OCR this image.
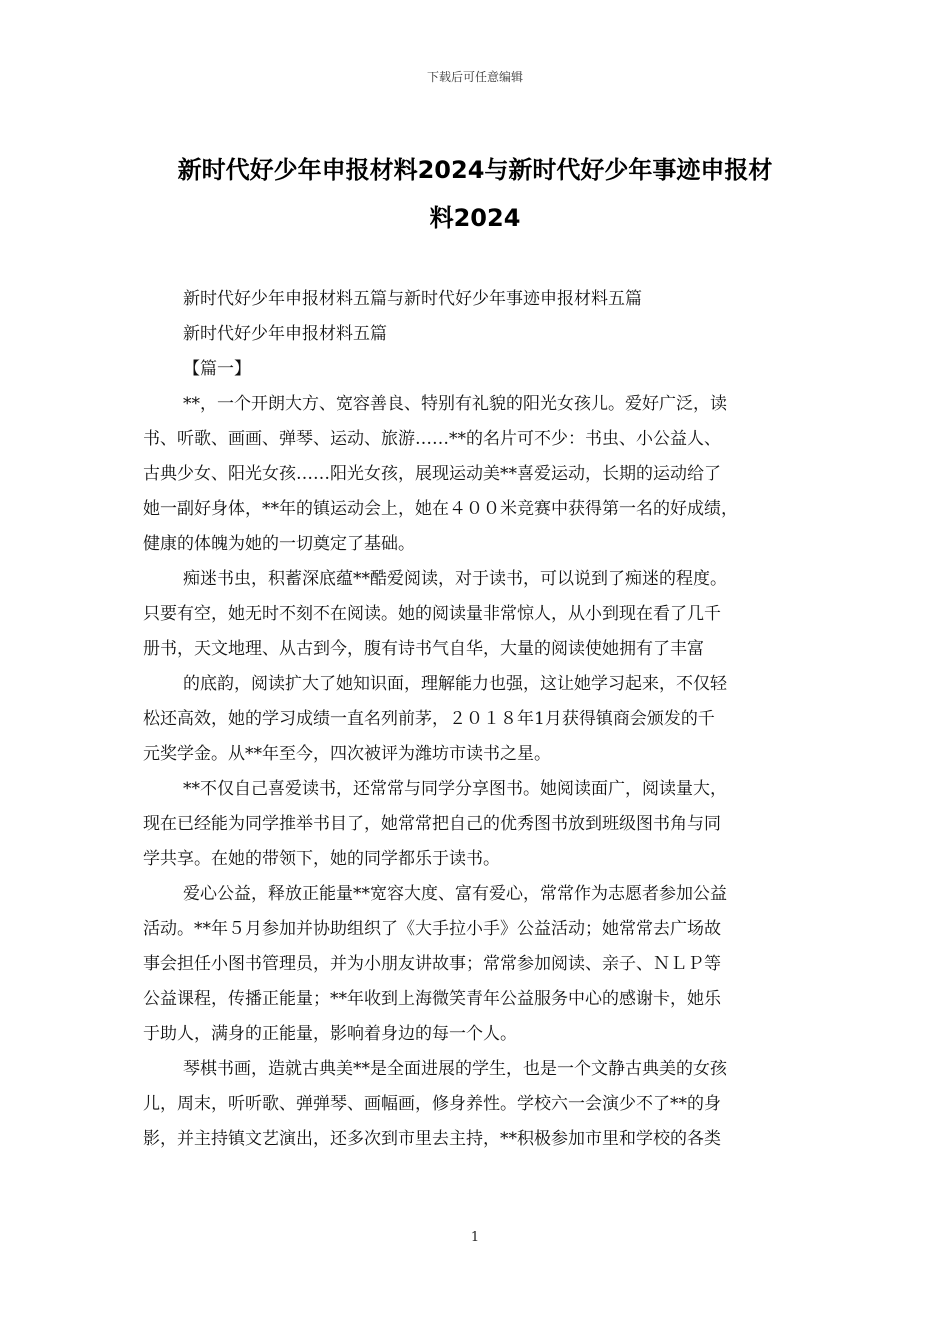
下载后可任意编辑
新时代好少年申报材料2024与新时代好少年事迹申报材
料2024
新时代好少年申报材料五篇与新时代好少年事迹申报材料五篇
新时代好少年申报材料五篇
【篇一】
**，一个开朗大方、宽容善良、特别有礼貌的阳光女孩儿。爱好广泛，读
书、听歌、画画、弹琴、运动、旅游……**的名片可不少：书虫、小公益人、
古典少女、阳光女孩……阳光女孩，展现运动美**喜爱运动，长期的运动给了
她一副好身体，**年的镇运动会上，她在４００米竞赛中获得第一名的好成绩，
健康的体魄为她的一切奠定了基础。
痴迷书虫，积蓄深底蕴**酷爱阅读，对于读书，可以说到了痴迷的程度。
只要有空，她无时不刻不在阅读。她的阅读量非常惊人，从小到现在看了几千
册书，天文地理、从古到今，腹有诗书气自华，大量的阅读使她拥有了丰富
的底韵，阅读扩大了她知识面，理解能力也强，这让她学习起来，不仅轻
松还高效，她的学习成绩一直名列前茅，２０１８年1月获得镇商会颁发的千
元奖学金。从**年至今，四次被评为潍坊市读书之星。
**不仅自己喜爱读书，还常常与同学分享图书。她阅读面广，阅读量大，
现在已经能为同学推举书目了，她常常把自己的优秀图书放到班级图书角与同
学共享。在她的带领下，她的同学都乐于读书。
爱心公益，释放正能量**宽容大度、富有爱心，常常作为志愿者参加公益
活动。**年５月参加并协助组织了《大手拉小手》公益活动；她常常去广场故
事会担任小图书管理员，并为小朋友讲故事；常常参加阅读、亲子、ＮＬＰ等
公益课程，传播正能量；**年收到上海微笑青年公益服务中心的感谢卡，她乐
于助人，满身的正能量，影响着身边的每一个人。
琴棋书画，造就古典美**是全面进展的学生，也是一个文静古典美的女孩
儿，周末，听听歌、弹弹琴、画幅画，修身养性。学校六一会演少不了**的身
影，并主持镇文艺演出，还多次到市里去主持，**积极参加市里和学校的各类
1
